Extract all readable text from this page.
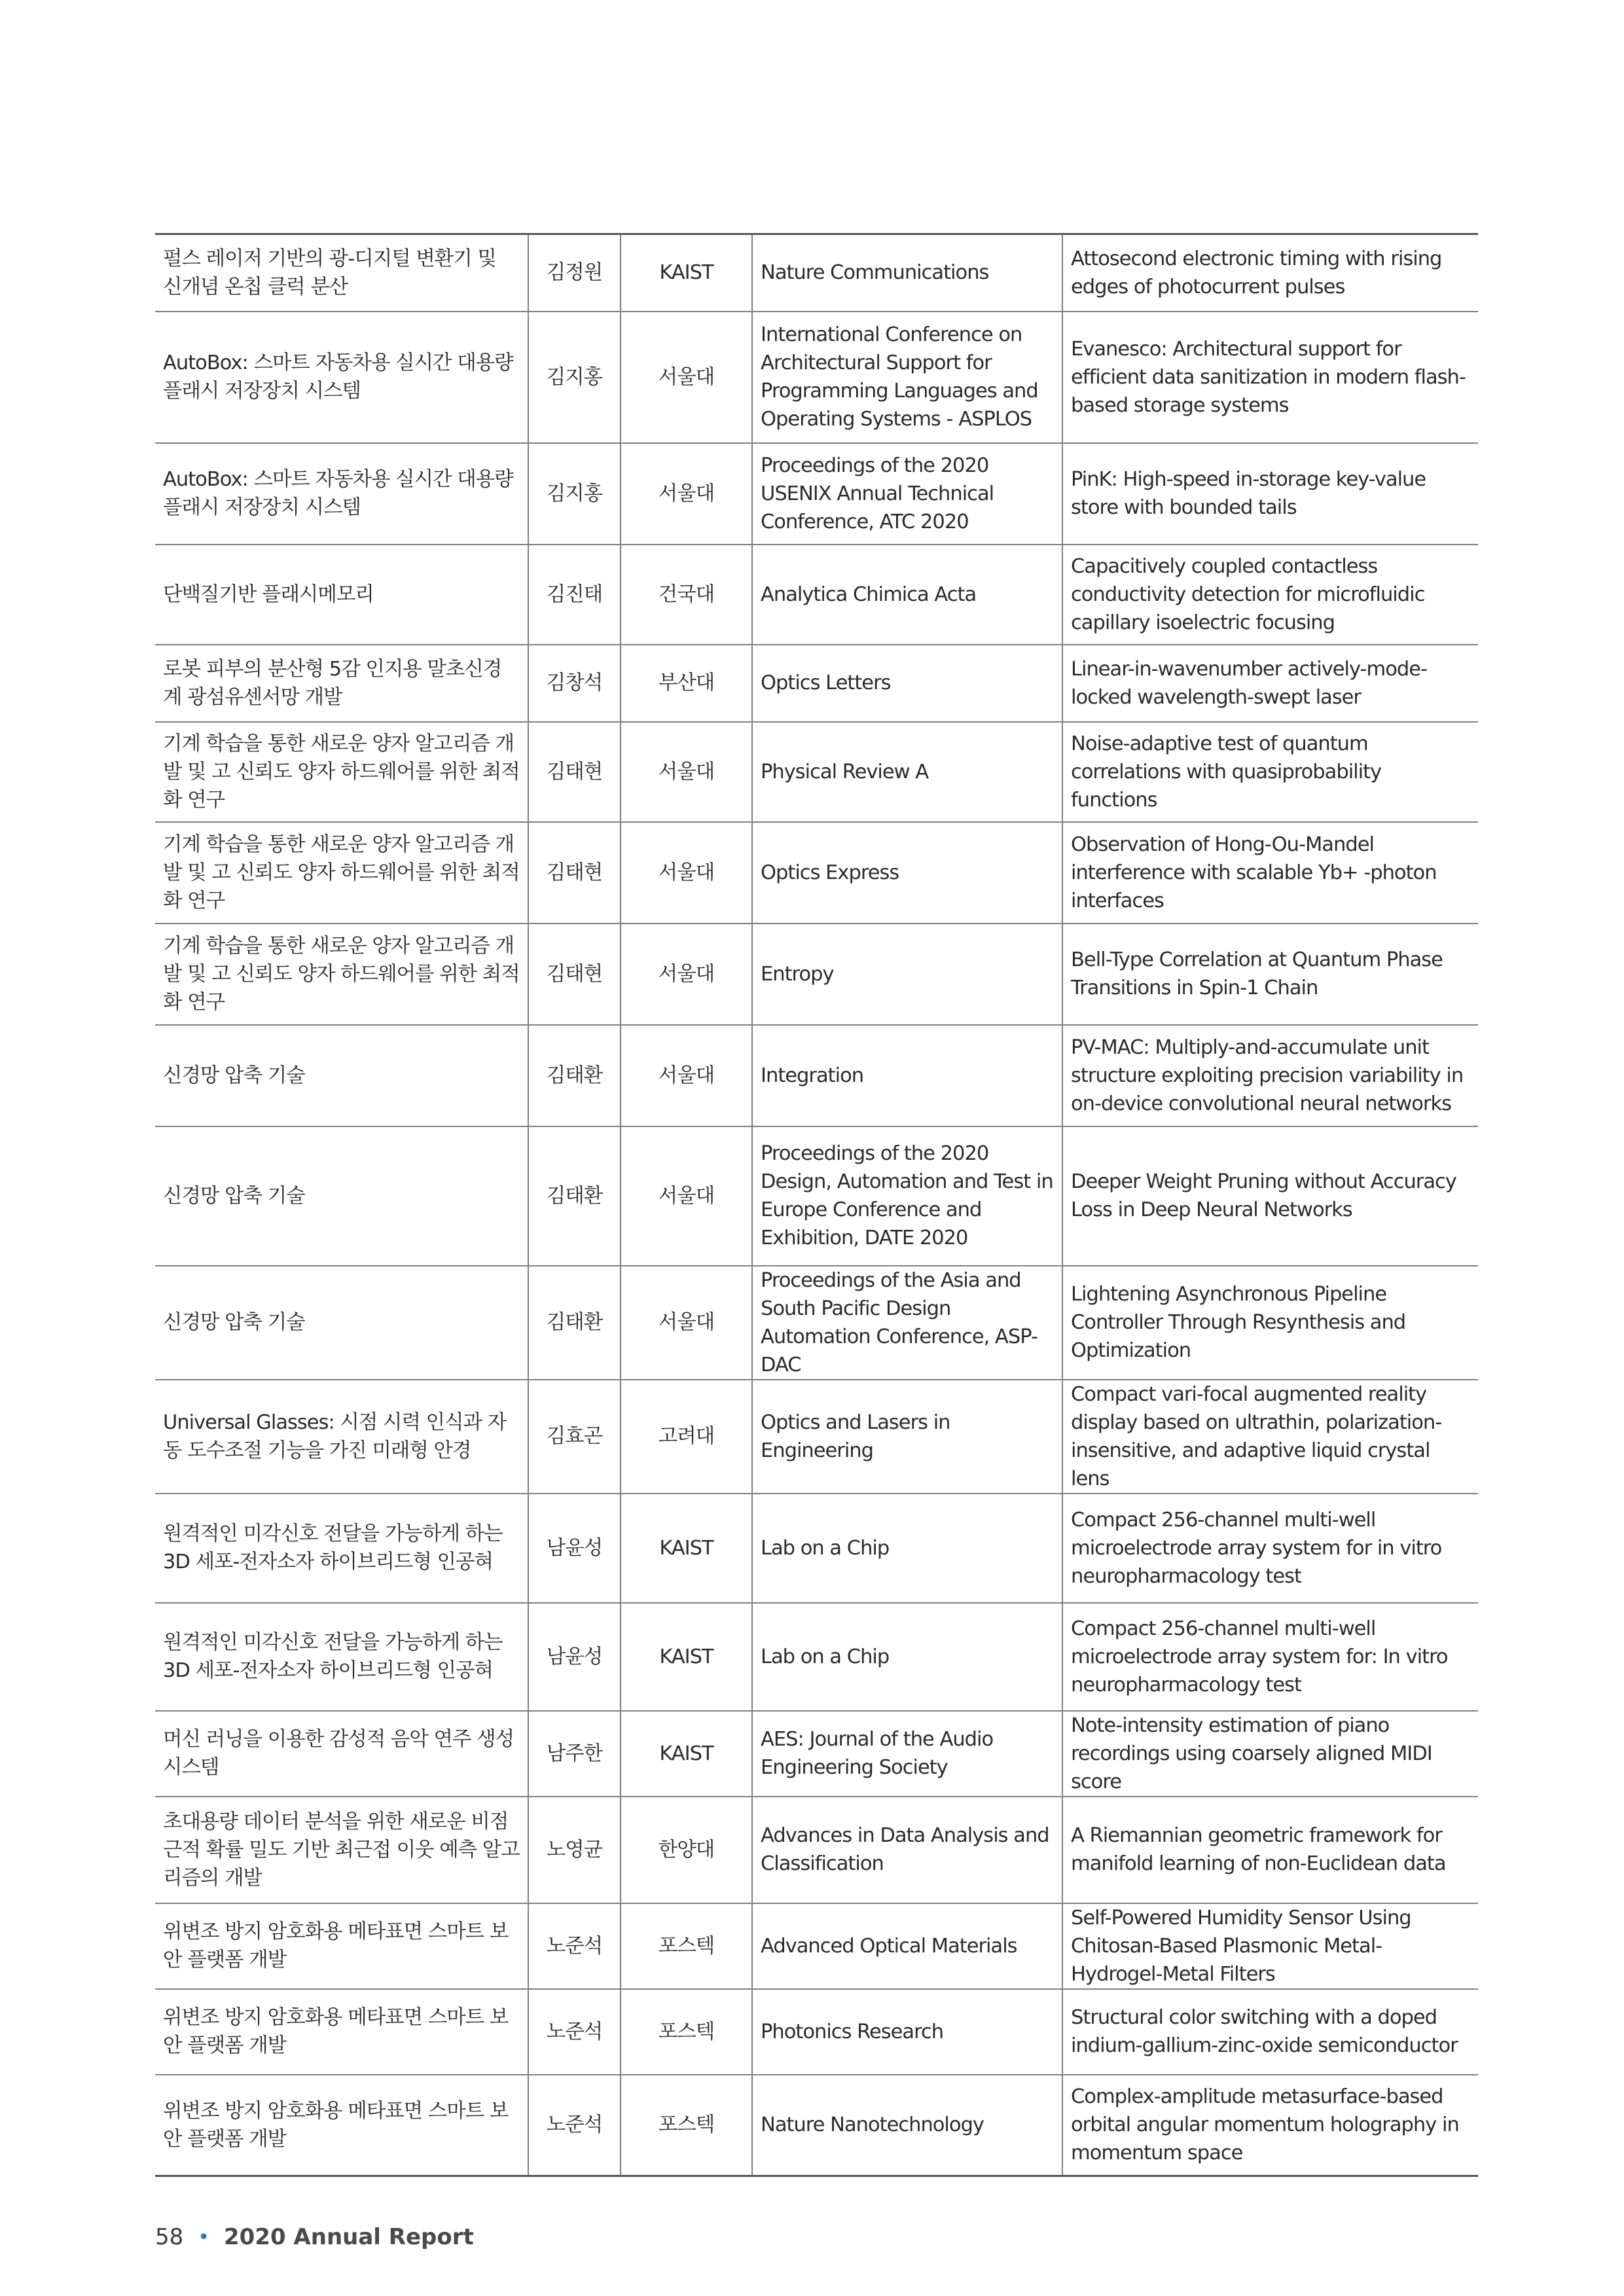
펄스 레이저 기반의 광-디지털 변환기 및 신개념 온칩 클럭 분산	김정원	KAIST	Nature Communications	Attosecond electronic timing with rising edges of photocurrent pulses
AutoBox: 스마트 자동차용 실시간 대용량 플래시 저장장치 시스템	김지홍	서울대	International Conference on Architectural Support for Programming Languages and Operating Systems - ASPLOS	Evanesco: Architectural support for efficient data sanitization in modern flash-based storage systems
AutoBox: 스마트 자동차용 실시간 대용량 플래시 저장장치 시스템	김지홍	서울대	Proceedings of the 2020 USENIX Annual Technical Conference, ATC 2020	PinK: High-speed in-storage key-value store with bounded tails
단백질기반 플래시메모리	김진태	건국대	Analytica Chimica Acta	Capacitively coupled contactless conductivity detection for microfluidic capillary isoelectric focusing
로봇 피부의 분산형 5감 인지용 말초신경계 광섬유센서망 개발	김창석	부산대	Optics Letters	Linear-in-wavenumber actively-mode-locked wavelength-swept laser
기계 학습을 통한 새로운 양자 알고리즘 개발 및 고 신뢰도 양자 하드웨어를 위한 최적화 연구	김태현	서울대	Physical Review A	Noise-adaptive test of quantum correlations with quasiprobability functions
기계 학습을 통한 새로운 양자 알고리즘 개발 및 고 신뢰도 양자 하드웨어를 위한 최적화 연구	김태현	서울대	Optics Express	Observation of Hong-Ou-Mandel interference with scalable Yb+ -photon interfaces
기계 학습을 통한 새로운 양자 알고리즘 개발 및 고 신뢰도 양자 하드웨어를 위한 최적화 연구	김태현	서울대	Entropy	Bell-Type Correlation at Quantum Phase Transitions in Spin-1 Chain
신경망 압축 기술	김태환	서울대	Integration	PV-MAC: Multiply-and-accumulate unit structure exploiting precision variability in on-device convolutional neural networks
신경망 압축 기술	김태환	서울대	Proceedings of the 2020 Design, Automation and Test in Europe Conference and Exhibition, DATE 2020	Deeper Weight Pruning without Accuracy Loss in Deep Neural Networks
신경망 압축 기술	김태환	서울대	Proceedings of the Asia and South Pacific Design Automation Conference, ASP-DAC	Lightening Asynchronous Pipeline Controller Through Resynthesis and Optimization
Universal Glasses: 시점 시력 인식과 자동 도수조절 기능을 가진 미래형 안경	김효곤	고려대	Optics and Lasers in Engineering	Compact vari-focal augmented reality display based on ultrathin, polarization-insensitive, and adaptive liquid crystal lens
원격적인 미각신호 전달을 가능하게 하는3D 세포-전자소자 하이브리드형 인공혀	남윤성	KAIST	Lab on a Chip	Compact 256-channel multi-well microelectrode array system for in vitro neuropharmacology test
원격적인 미각신호 전달을 가능하게 하는3D 세포-전자소자 하이브리드형 인공혀	남윤성	KAIST	Lab on a Chip	Compact 256-channel multi-well microelectrode array system for: In vitro neuropharmacology test
머신 러닝을 이용한 감성적 음악 연주 생성 시스템	남주한	KAIST	AES: Journal of the Audio Engineering Society	Note-intensity estimation of piano recordings using coarsely aligned MIDI score
초대용량 데이터 분석을 위한 새로운 비점근적 확률 밀도 기반 최근접 이웃 예측 알고리즘의 개발	노영균	한양대	Advances in Data Analysis and Classification	A Riemannian geometric framework for manifold learning of non-Euclidean data
위변조 방지 암호화용 메타표면 스마트 보안 플랫폼 개발	노준석	포스텍	Advanced Optical Materials	Self-Powered Humidity Sensor Using Chitosan-Based Plasmonic Metal-Hydrogel-Metal Filters
위변조 방지 암호화용 메타표면 스마트 보안 플랫폼 개발	노준석	포스텍	Photonics Research	Structural color switching with a doped indium-gallium-zinc-oxide semiconductor
위변조 방지 암호화용 메타표면 스마트 보안 플랫폼 개발	노준석	포스텍	Nature Nanotechnology	Complex-amplitude metasurface-based orbital angular momentum holography in momentum space
58 • 2020 Annual Report
